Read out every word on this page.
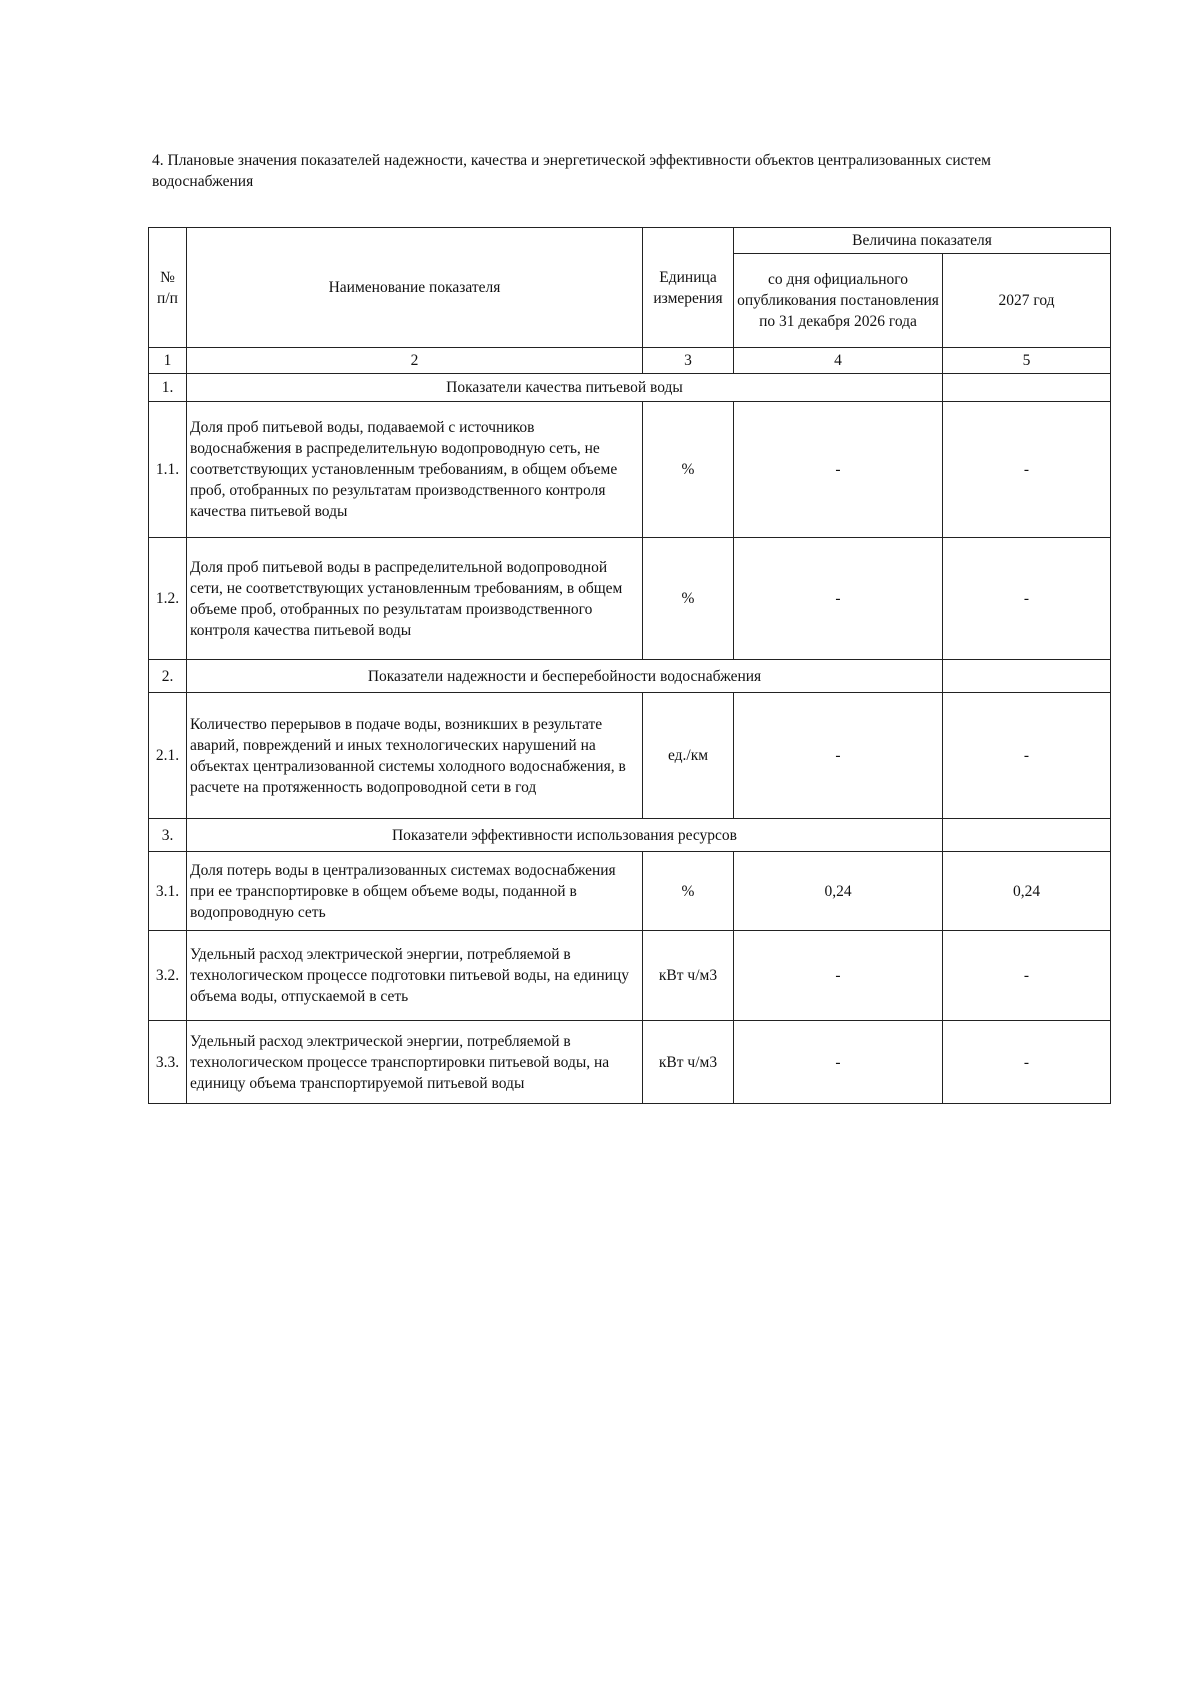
4. Плановые значения показателей надежности, качества и энергетической эффективности объектов централизованных систем водоснабжения

№ п/п	Наименование показателя	Единица измерения	Величина показателя	
			со дня официального опубликования постановления по 31 декабря 2026 года	2027 год
1	2	3	4	5
1.	Показатели качества питьевой воды			
1.1.	Доля проб питьевой воды, подаваемой с источников водоснабжения в распределительную водопроводную сеть, не соответствующих установленным требованиям, в общем объеме проб, отобранных по результатам производственного контроля качества питьевой воды	%	-	-
1.2.	Доля проб питьевой воды в распределительной водопроводной сети, не соответствующих установленным требованиям, в общем объеме проб, отобранных по результатам производственного контроля качества питьевой воды	%	-	-
2.	Показатели надежности и бесперебойности водоснабжения			
2.1.	Количество перерывов в подаче воды, возникших в результате аварий, повреждений и иных технологических нарушений на объектах централизованной системы холодного водоснабжения, в расчете на протяженность водопроводной сети в год	ед./км	-	-
3.	Показатели эффективности использования ресурсов			
3.1.	Доля потерь воды в централизованных системах водоснабжения при ее транспортировке в общем объеме воды, поданной в водопроводную сеть	%	0,24	0,24
3.2.	Удельный расход электрической энергии, потребляемой в технологическом процессе подготовки питьевой воды, на единицу объема воды, отпускаемой в сеть	кВт ч/м3	-	-
3.3.	Удельный расход электрической энергии, потребляемой в технологическом процессе транспортировки питьевой воды, на единицу объема транспортируемой питьевой воды	кВт ч/м3	-	-
